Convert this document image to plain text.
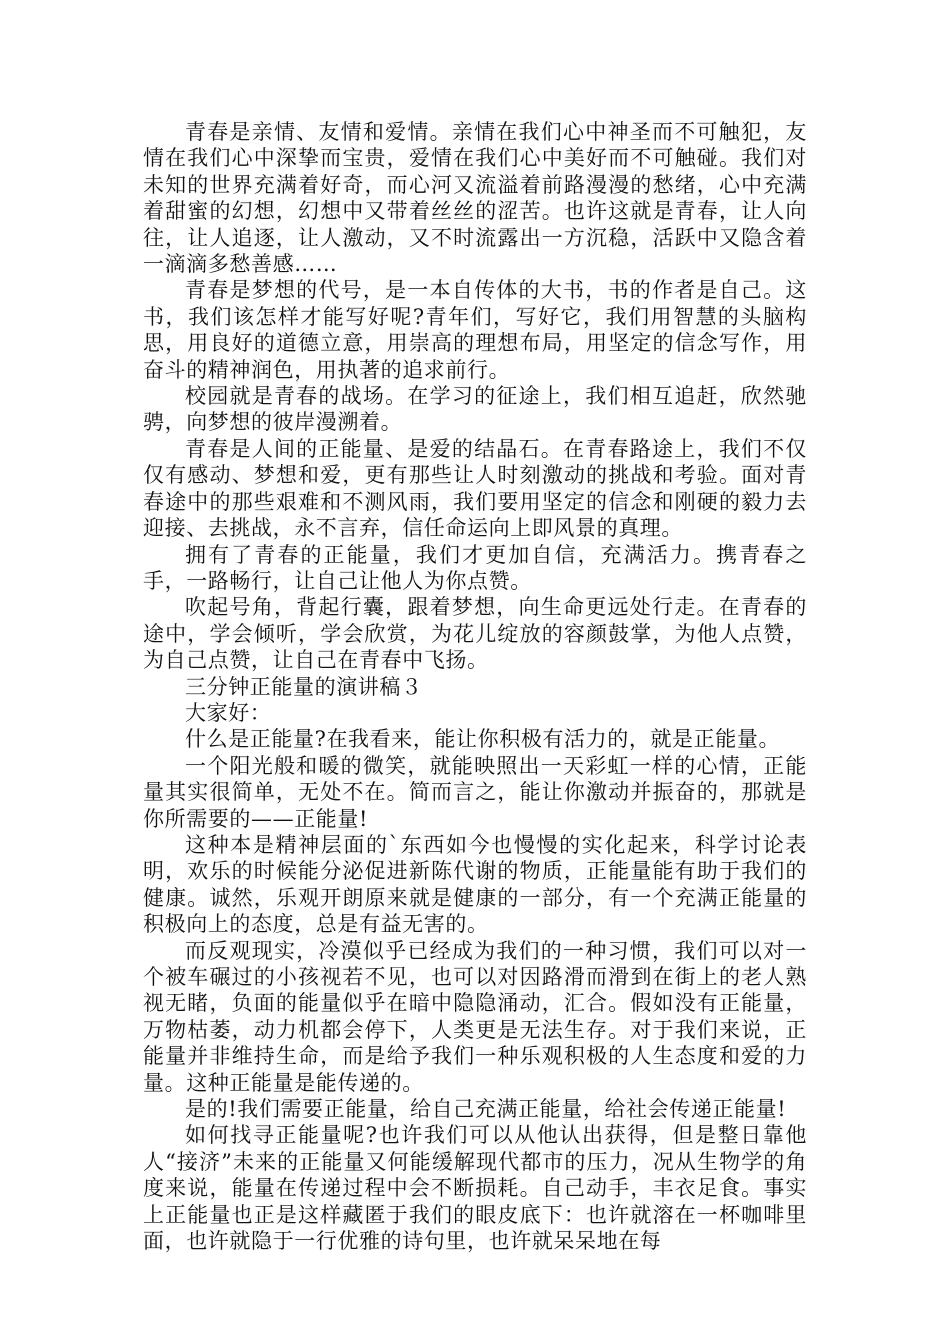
青春是亲情、友情和爱情。亲情在我们心中神圣而不可触犯，友情在我们心中深挚而宝贵，爱情在我们心中美好而不可触碰。我们对未知的世界充满着好奇，而心河又流溢着前路漫漫的愁绪，心中充满着甜蜜的幻想，幻想中又带着丝丝的涩苦。也许这就是青春，让人向往，让人追逐，让人激动，又不时流露出一方沉稳，活跃中又隐含着一滴滴多愁善感……

青春是梦想的代号，是一本自传体的大书，书的作者是自己。这书，我们该怎样才能写好呢?青年们，写好它，我们用智慧的头脑构思，用良好的道德立意，用崇高的理想布局，用坚定的信念写作，用奋斗的精神润色，用执著的追求前行。

校园就是青春的战场。在学习的征途上，我们相互追赶，欣然驰骋，向梦想的彼岸漫溯着。

青春是人间的正能量、是爱的结晶石。在青春路途上，我们不仅仅有感动、梦想和爱，更有那些让人时刻激动的挑战和考验。面对青春途中的那些艰难和不测风雨，我们要用坚定的信念和刚硬的毅力去迎接、去挑战，永不言弃，信任命运向上即风景的真理。

拥有了青春的正能量，我们才更加自信，充满活力。携青春之手，一路畅行，让自己让他人为你点赞。

吹起号角，背起行囊，跟着梦想，向生命更远处行走。在青春的途中，学会倾听，学会欣赏，为花儿绽放的容颜鼓掌，为他人点赞，为自己点赞，让自己在青春中飞扬。

三分钟正能量的演讲稿３

大家好：

什么是正能量?在我看来，能让你积极有活力的，就是正能量。

一个阳光般和暖的微笑，就能映照出一天彩虹一样的心情，正能量其实很简单，无处不在。简而言之，能让你激动并振奋的，那就是你所需要的——正能量!

这种本是精神层面的`东西如今也慢慢的实化起来，科学讨论表明，欢乐的时候能分泌促进新陈代谢的物质，正能量能有助于我们的健康。诚然，乐观开朗原来就是健康的一部分，有一个充满正能量的积极向上的态度，总是有益无害的。

而反观现实，冷漠似乎已经成为我们的一种习惯，我们可以对一个被车碾过的小孩视若不见，也可以对因路滑而滑到在街上的老人熟视无睹，负面的能量似乎在暗中隐隐涌动，汇合。假如没有正能量，万物枯萎，动力机都会停下，人类更是无法生存。对于我们来说，正能量并非维持生命，而是给予我们一种乐观积极的人生态度和爱的力量。这种正能量是能传递的。

是的!我们需要正能量，给自己充满正能量，给社会传递正能量!

如何找寻正能量呢?也许我们可以从他认出获得，但是整日靠他人“接济”未来的正能量又何能缓解现代都市的压力，况从生物学的角度来说，能量在传递过程中会不断损耗。自己动手，丰衣足食。事实上正能量也正是这样藏匿于我们的眼皮底下：也许就溶在一杯咖啡里面，也许就隐于一行优雅的诗句里，也许就呆呆地在每
